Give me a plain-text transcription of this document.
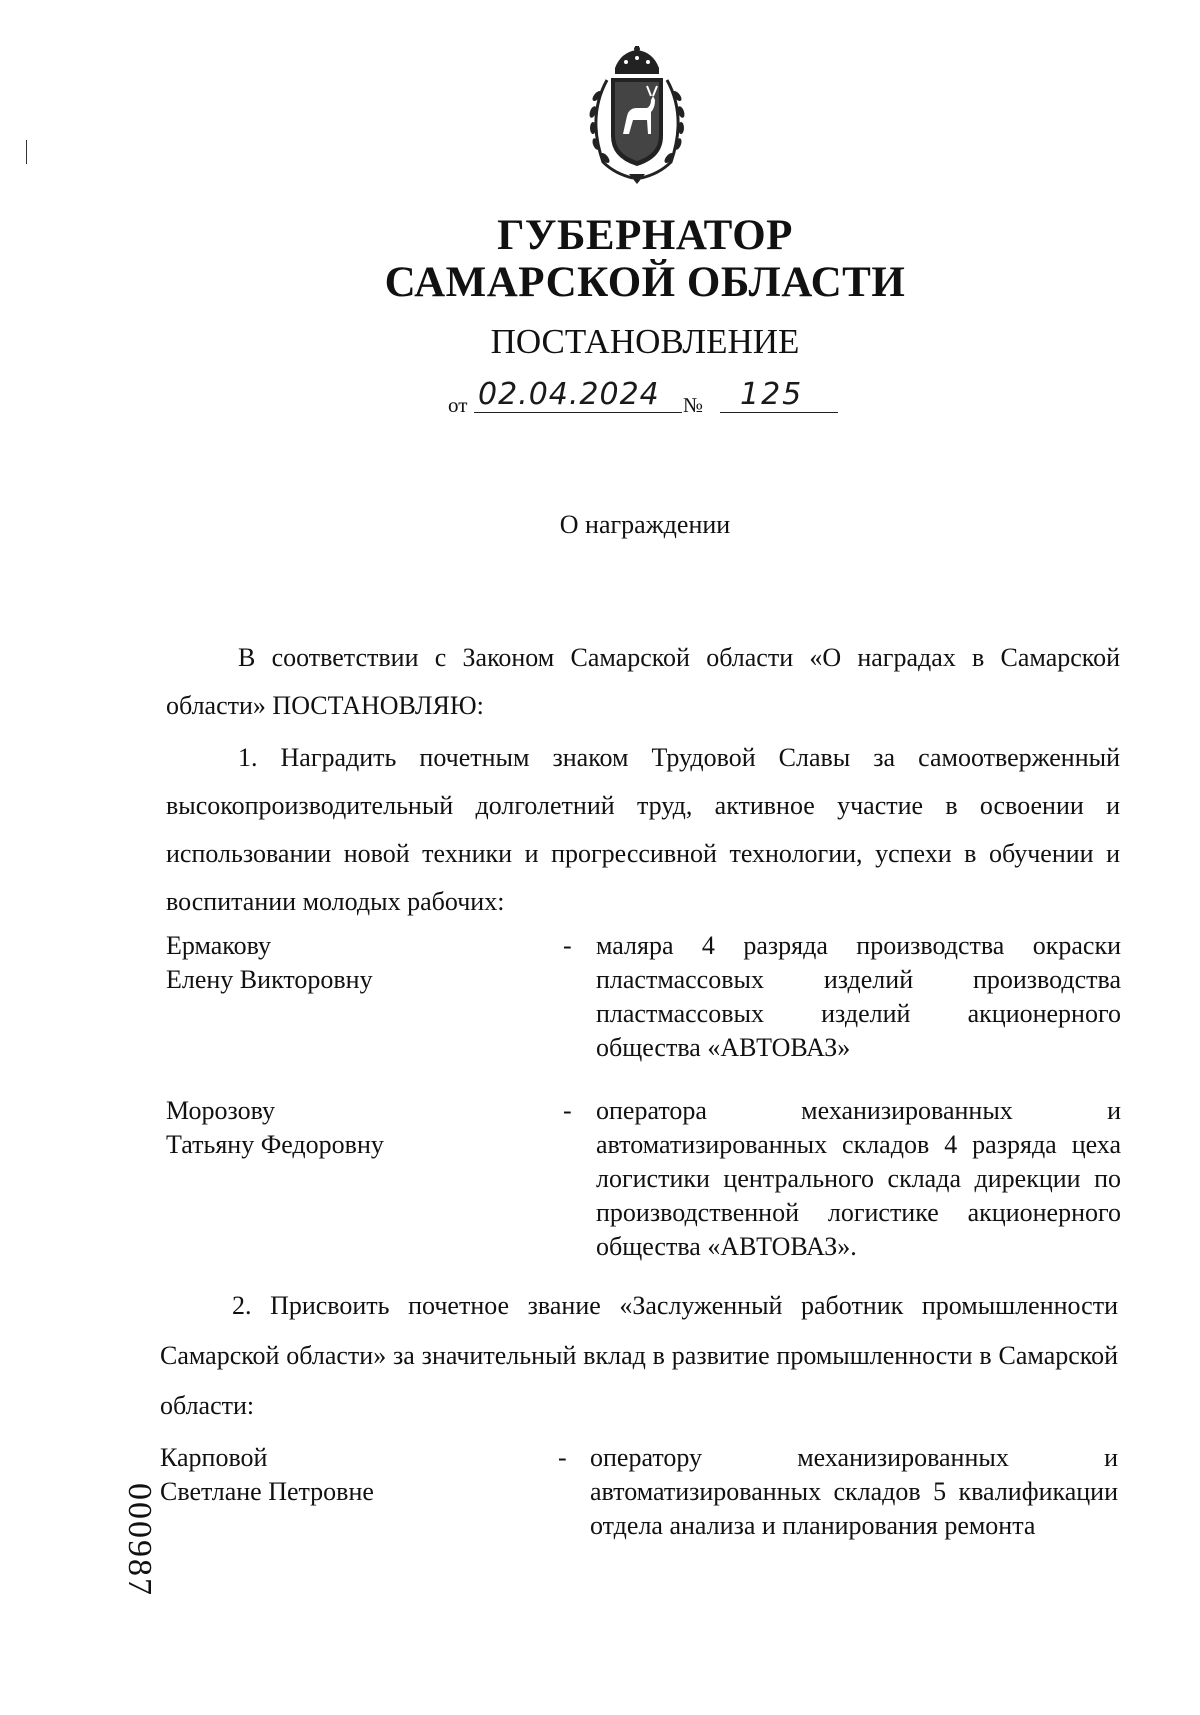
ГУБЕРНАТОР
САМАРСКОЙ ОБЛАСТИ
ПОСТАНОВЛЕНИЕ
от 02.04.2024 № 125
О награждении
В соответствии с Законом Самарской области «О наградах в Самарской области» ПОСТАНОВЛЯЮ:
1. Наградить почетным знаком Трудовой Славы за самоотверженный высокопроизводительный долголетний труд, активное участие в освоении и использовании новой техники и прогрессивной технологии, успехи в обучении и воспитании молодых рабочих:
Ермакову
Елену Викторовну
- маляра 4 разряда производства окраски пластмассовых изделий производства пластмассовых изделий акционерного общества «АВТОВАЗ»
Морозову
Татьяну Федоровну
- оператора механизированных и автоматизированных складов 4 разряда цеха логистики центрального склада дирекции по производственной логистике акционерного общества «АВТОВАЗ».
2. Присвоить почетное звание «Заслуженный работник промышленности Самарской области» за значительный вклад в развитие промышленности в Самарской области:
Карповой
Светлане Петровне
- оператору механизированных и автоматизированных складов 5 квалификации отдела анализа и планирования ремонта
000987
